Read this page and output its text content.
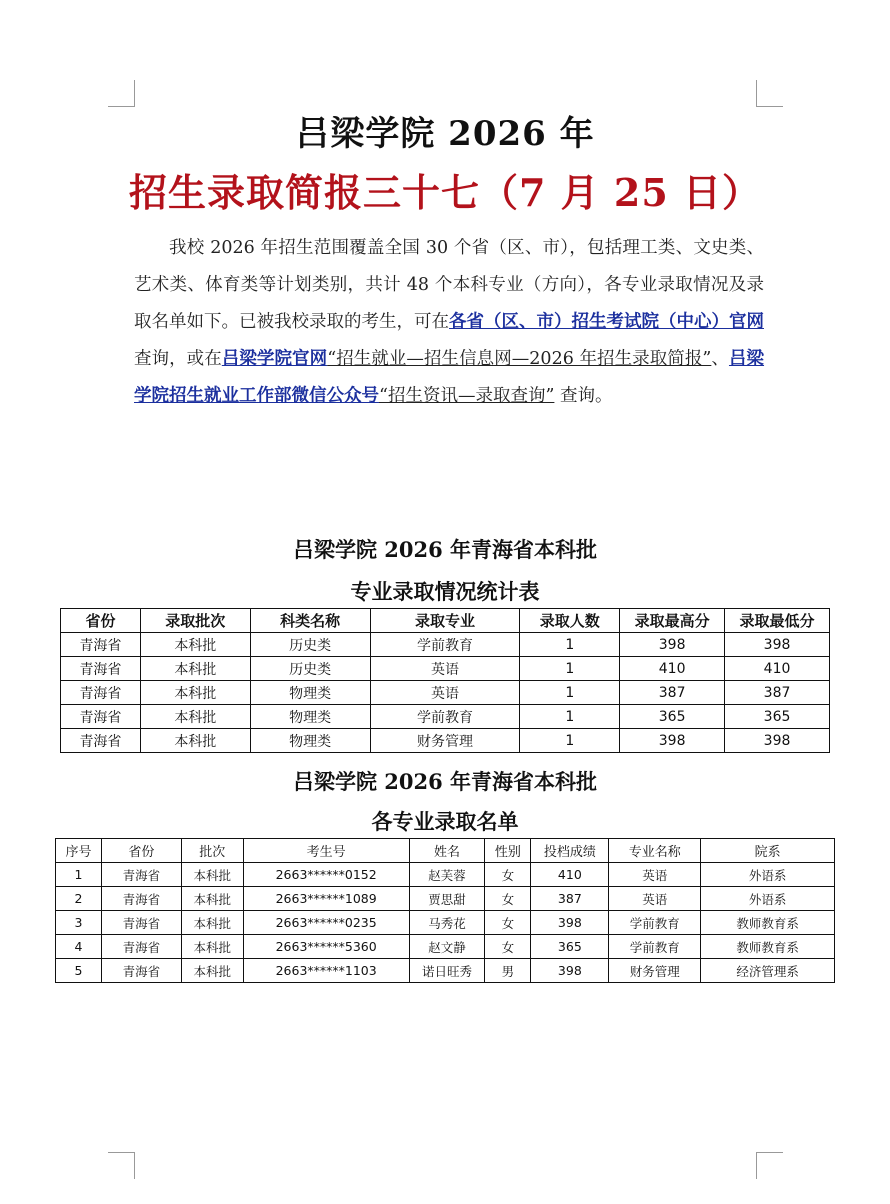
吕梁学院 2026 年
招生录取简报三十七（7 月 25 日）
我校 2026 年招生范围覆盖全国 30 个省（区、市），包括理工类、文史类、艺术类、体育类等计划类别，共计 48 个本科专业（方向），各专业录取情况及录取名单如下。已被我校录取的考生，可在各省（区、市）招生考试院（中心）官网查询，或在吕梁学院官网“招生就业—招生信息网—2026 年招生录取简报”、吕梁学院招生就业工作部微信公众号“招生资讯—录取查询” 查询。
吕梁学院 2026 年青海省本科批
专业录取情况统计表
省份	录取批次	科类名称	录取专业	录取人数	录取最高分	录取最低分
青海省	本科批	历史类	学前教育	1	398	398
青海省	本科批	历史类	英语	1	410	410
青海省	本科批	物理类	英语	1	387	387
青海省	本科批	物理类	学前教育	1	365	365
青海省	本科批	物理类	财务管理	1	398	398
吕梁学院 2026 年青海省本科批
各专业录取名单
序号	省份	批次	考生号	姓名	性别	投档成绩	专业名称	院系
1	青海省	本科批	2663******0152	赵芙蓉	女	410	英语	外语系
2	青海省	本科批	2663******1089	贾思甜	女	387	英语	外语系
3	青海省	本科批	2663******0235	马秀花	女	398	学前教育	教师教育系
4	青海省	本科批	2663******5360	赵文静	女	365	学前教育	教师教育系
5	青海省	本科批	2663******1103	诺日旺秀	男	398	财务管理	经济管理系
